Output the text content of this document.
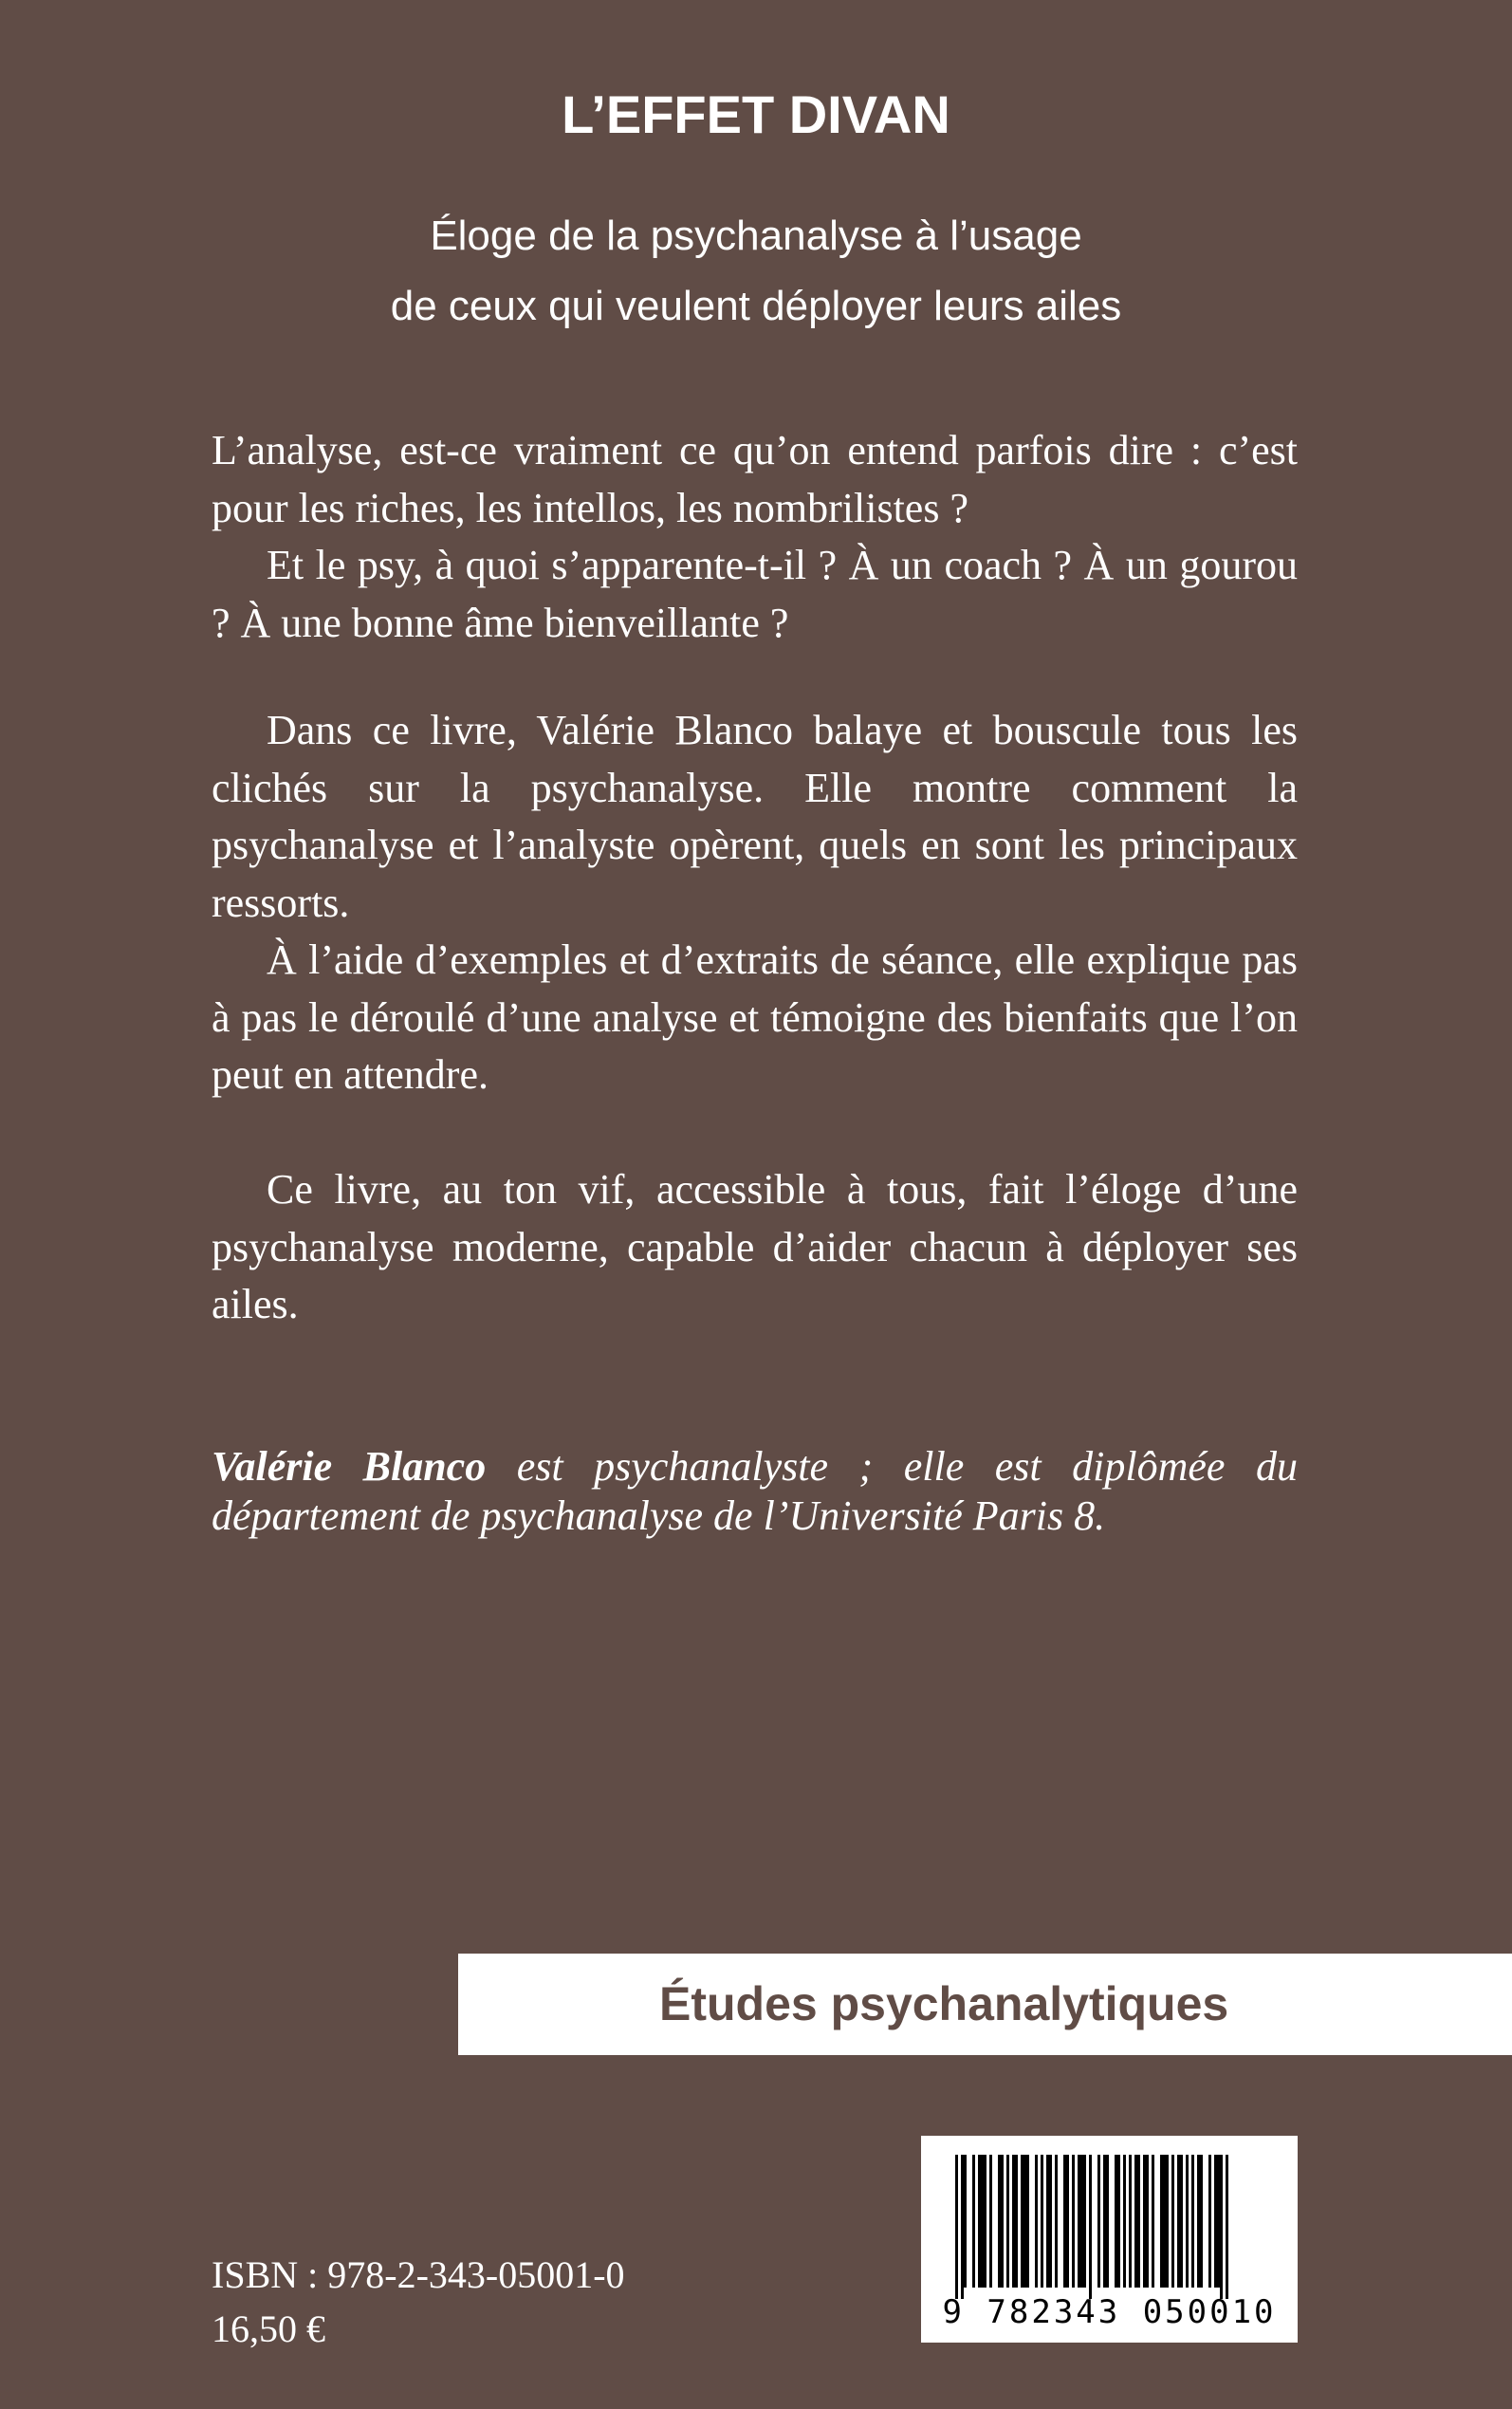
L’EFFET DIVAN
Éloge de la psychanalyse à l’usage
de ceux qui veulent déployer leurs ailes

L’analyse, est-ce vraiment ce qu’on entend parfois dire : c’est pour les riches, les intellos, les nombrilistes ?

Et le psy, à quoi s’apparente-t-il ? À un coach ? À un gourou ? À une bonne âme bienveillante ?

Dans ce livre, Valérie Blanco balaye et bouscule tous les clichés sur la psychanalyse. Elle montre comment la psychanalyse et l’analyste opèrent, quels en sont les principaux ressorts.

À l’aide d’exemples et d’extraits de séance, elle explique pas à pas le déroulé d’une analyse et témoigne des bienfaits que l’on peut en attendre.

Ce livre, au ton vif, accessible à tous, fait l’éloge d’une psychanalyse moderne, capable d’aider chacun à déployer ses ailes.

Valérie Blanco est psychanalyste ; elle est diplômée du département de psychanalyse de l’Université Paris 8.

Études psychanalytiques
ISBN : 978-2-343-05001-0
16,50 €	9 782343 050010
